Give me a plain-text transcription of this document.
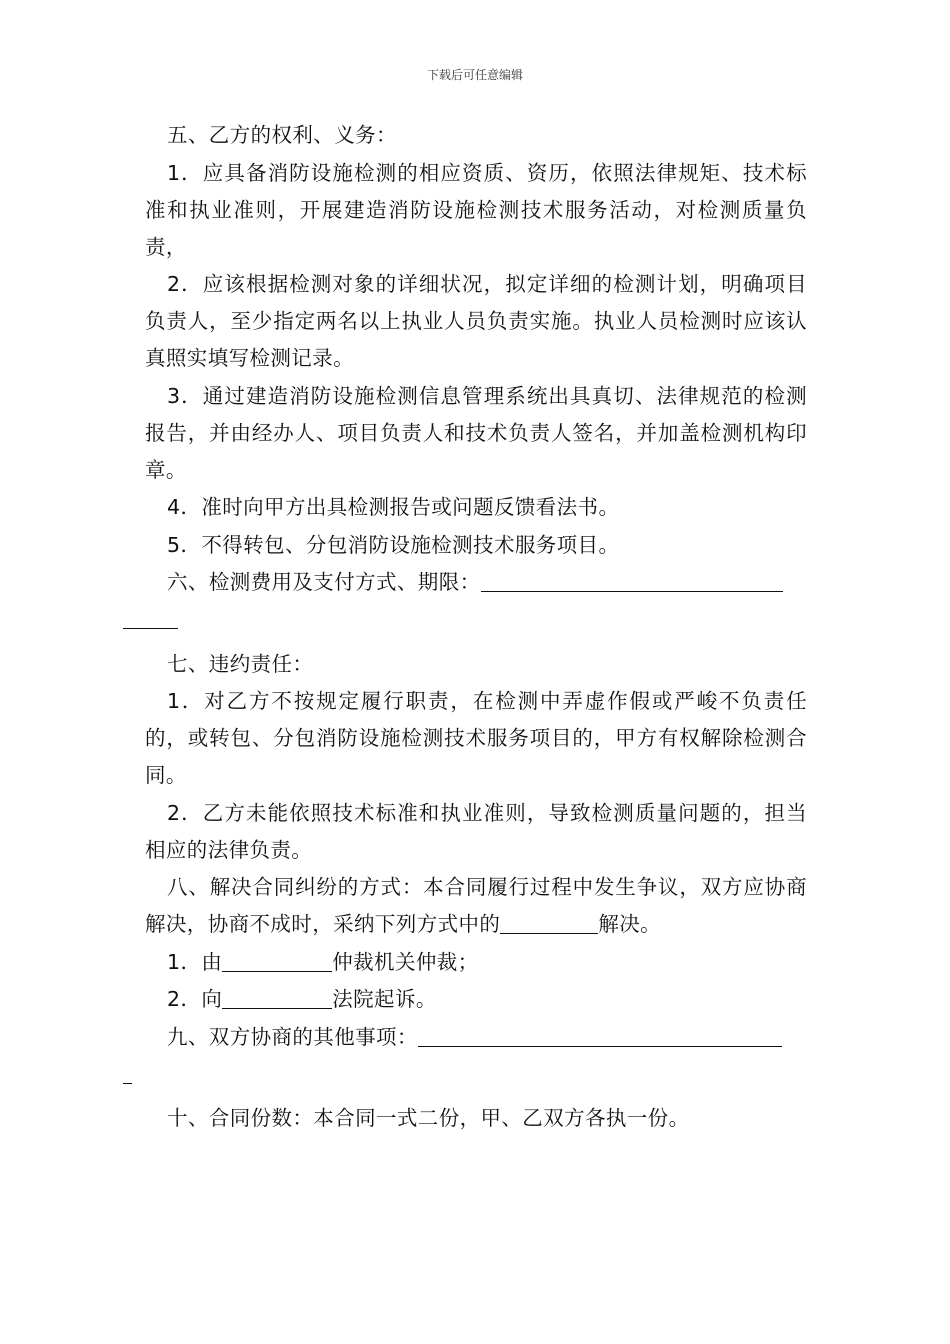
下载后可任意编辑

五、乙方的权利、义务：

1．应具备消防设施检测的相应资质、资历，依照法律规矩、技术标准和执业准则，开展建造消防设施检测技术服务活动，对检测质量负责，

2．应该根据检测对象的详细状况，拟定详细的检测计划，明确项目负责人，至少指定两名以上执业人员负责实施。执业人员检测时应该认真照实填写检测记录。

3．通过建造消防设施检测信息管理系统出具真切、法律规范的检测报告，并由经办人、项目负责人和技术负责人签名，并加盖检测机构印章。

4．准时向甲方出具检测报告或问题反馈看法书。

5．不得转包、分包消防设施检测技术服务项目。

六、检测费用及支付方式、期限：

七、违约责任：

1．对乙方不按规定履行职责，在检测中弄虚作假或严峻不负责任的，或转包、分包消防设施检测技术服务项目的，甲方有权解除检测合同。

2．乙方未能依照技术标准和执业准则，导致检测质量问题的，担当相应的法律负责。

八、解决合同纠纷的方式：本合同履行过程中发生争议，双方应协商解决，协商不成时，采纳下列方式中的	解决。

1．由	仲裁机关仲裁；

2．向	法院起诉。

九、双方协商的其他事项：

十、合同份数：本合同一式二份，甲、乙双方各执一份。
